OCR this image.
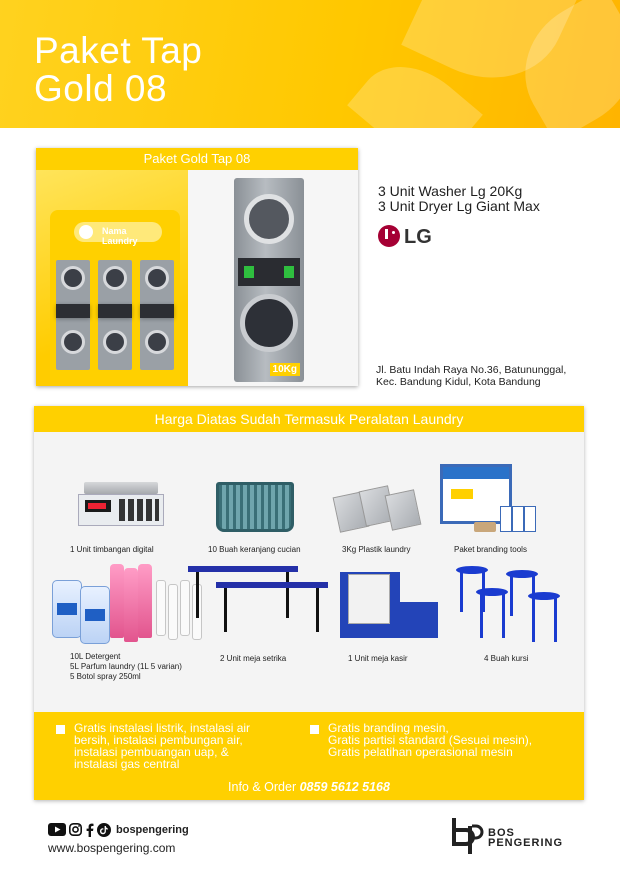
Paket Tap
Gold 08
Paket Gold Tap 08
Nama Laundry
10Kg
3 Unit Washer Lg 20Kg
3 Unit Dryer Lg Giant Max
LG
Jl. Batu Indah Raya No.36, Batununggal,
Kec. Bandung Kidul, Kota Bandung
Harga Diatas Sudah Termasuk Peralatan Laundry
1 Unit timbangan digital	10 Buah keranjang cucian	3Kg Plastik laundry	Paket branding tools
10L Detergent
5L Parfum laundry (1L 5 varian)
5 Botol spray 250ml
2 Unit meja setrika	1 Unit meja kasir	4 Buah kursi
Gratis instalasi listrik, instalasi air
bersih, instalasi pembungan air,
instalasi pembuangan uap, &
instalasi gas central
Gratis branding mesin,
Gratis partisi standard (Sesuai mesin),
Gratis pelatihan operasional mesin
Info & Order 0859 5612 5168
bospengering
www.bospengering.com
BOS
PENGERING
